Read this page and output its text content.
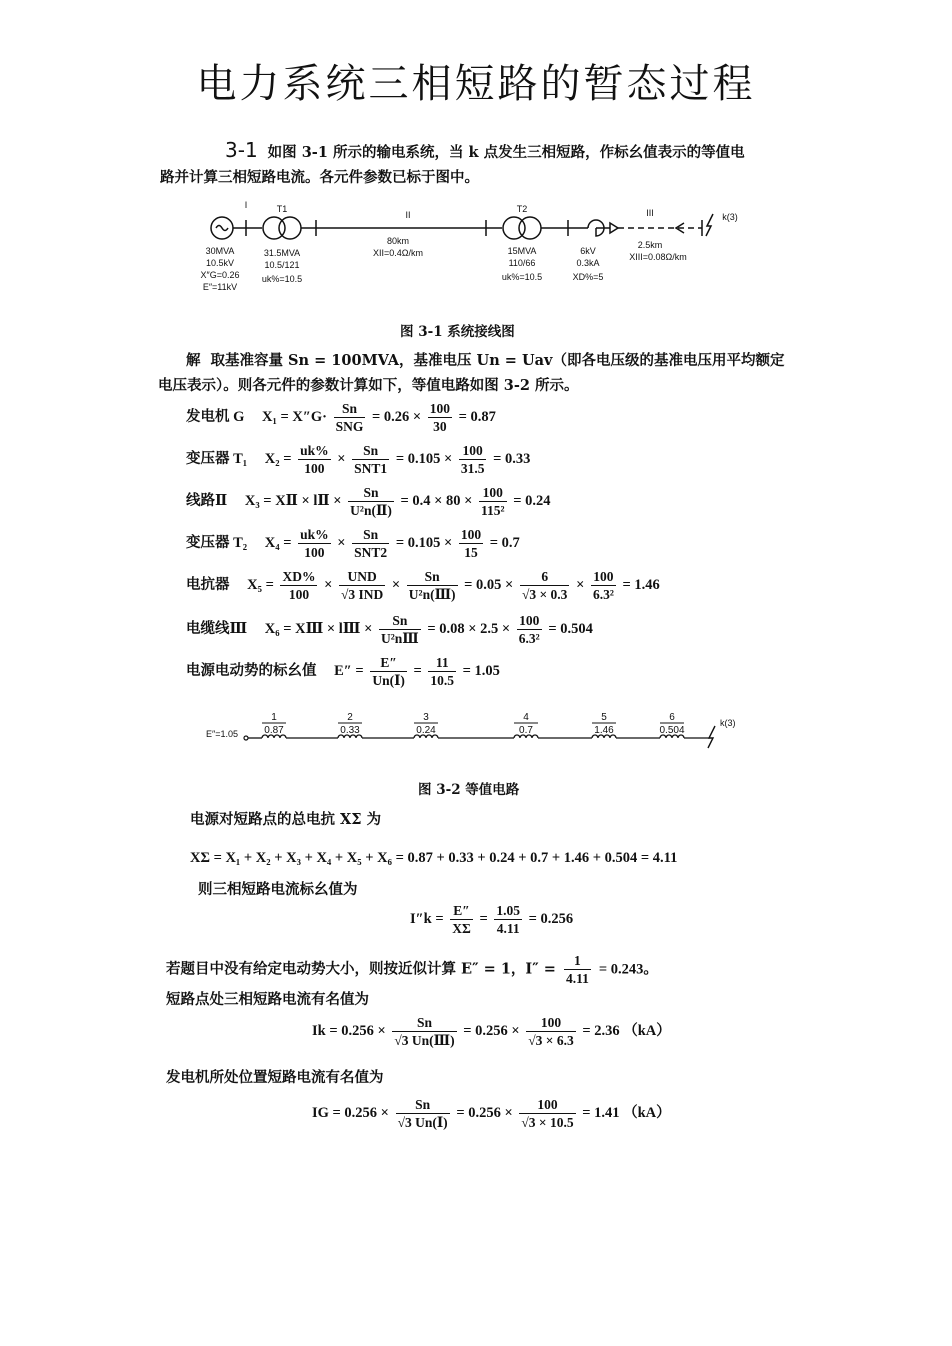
电力系统三相短路的暂态过程
3-1 如图 3-1 所示的输电系统，当 k 点发生三相短路，作标幺值表示的等值电
路并计算三相短路电流。各元件参数已标于图中。
I	T1
II
T2	III	k(3)
30MVA
10.5kV
X″G=0.26
E″=11kV
31.5MVA
10.5/121
uk%=10.5
80km
XII=0.4Ω/km	15MVA
110/66
uk%=10.5
6kV
0.3kA
XD%=5
2.5km
XIII=0.08Ω/km
图 3-1 系统接线图
解 取基准容量 Sn = 100MVA，基准电压 Un = Uav（即各电压级的基准电压用平均额定
电压表示）。则各元件的参数计算如下，等值电路如图 3-2 所示。
发电机 G $X_1 = X''G\cdot \frac{Sn}{\text{SNG}} = 0.26 \times \frac{100}{30} = 0.87$
变压器 T₁ $X_2 = \frac{uk\%}{100} \times \frac{Sn}{\text{SNT1}} = 0.105 \times \frac{100}{31.5} = 0.33$
线路Ⅱ X₃ = XⅡ × lⅡ × $\frac{Sn}{\text{U²n(Ⅱ)}} = 0.4 \times 80 \times \frac{100}{\text{115²}} = 0.24$
变压器 T₂ $X_4 = \frac{uk\%}{100} \times \frac{Sn}{\text{SNT2}} = 0.105 \times \frac{100}{15} = 0.7$
电抗器 $X_5 = \frac{XD\%}{100} \times \frac{\text{UND}}{\text{√3 IND}} \times \frac{Sn}{\text{U²n(Ⅲ)}} = 0.05 \times \frac{6}{√3 \times 0.3} \times \frac{100}{\text{6.3²}} = 1.46$
电缆线Ⅲ X₆ = XⅢ × lⅢ × $\frac{Sn}{\text{U²nⅢ}} = 0.08 \times 2.5 \times \frac{100}{\text{6.3²}} = 0.504$
电源电动势的标幺值 $E'' = \frac{E''}{\text{Un(Ⅰ)}} = \frac{11}{10.5} = 1.05$
1
0.87
2
0.33
3
0.24
4
0.7
5
1.46
6
0.504
E″=1.05
k(3)
图 3-2 等值电路
电源对短路点的总电抗 XΣ 为
XΣ = X₁ + X₂ + X₃ + X₄ + X₅ + X₆ = 0.87 + 0.33 + 0.24 + 0.7 + 1.46 + 0.504 = 4.11
则三相短路电流标幺值为
$I''k = \frac{E''}{X\Sigma} = \frac{1.05}{4.11} = 0.256$
若题目中没有给定电动势大小，则按近似计算 E″ = 1，$I'' = \frac{1}{4.11} = 0.243$。
短路点处三相短路电流有名值为
$Ik = 0.256 \times \frac{Sn}{\text{√3 Un(Ⅲ)}} = 0.256 \times \frac{100}{√3 \times 6.3} = 2.36$ （kA）
发电机所处位置短路电流有名值为
IG = $0.256 \times \frac{Sn}{\text{√3 Un(Ⅰ)}} = 0.256 \times \frac{100}{√3 \times 10.5} = 1.41$ （kA）
